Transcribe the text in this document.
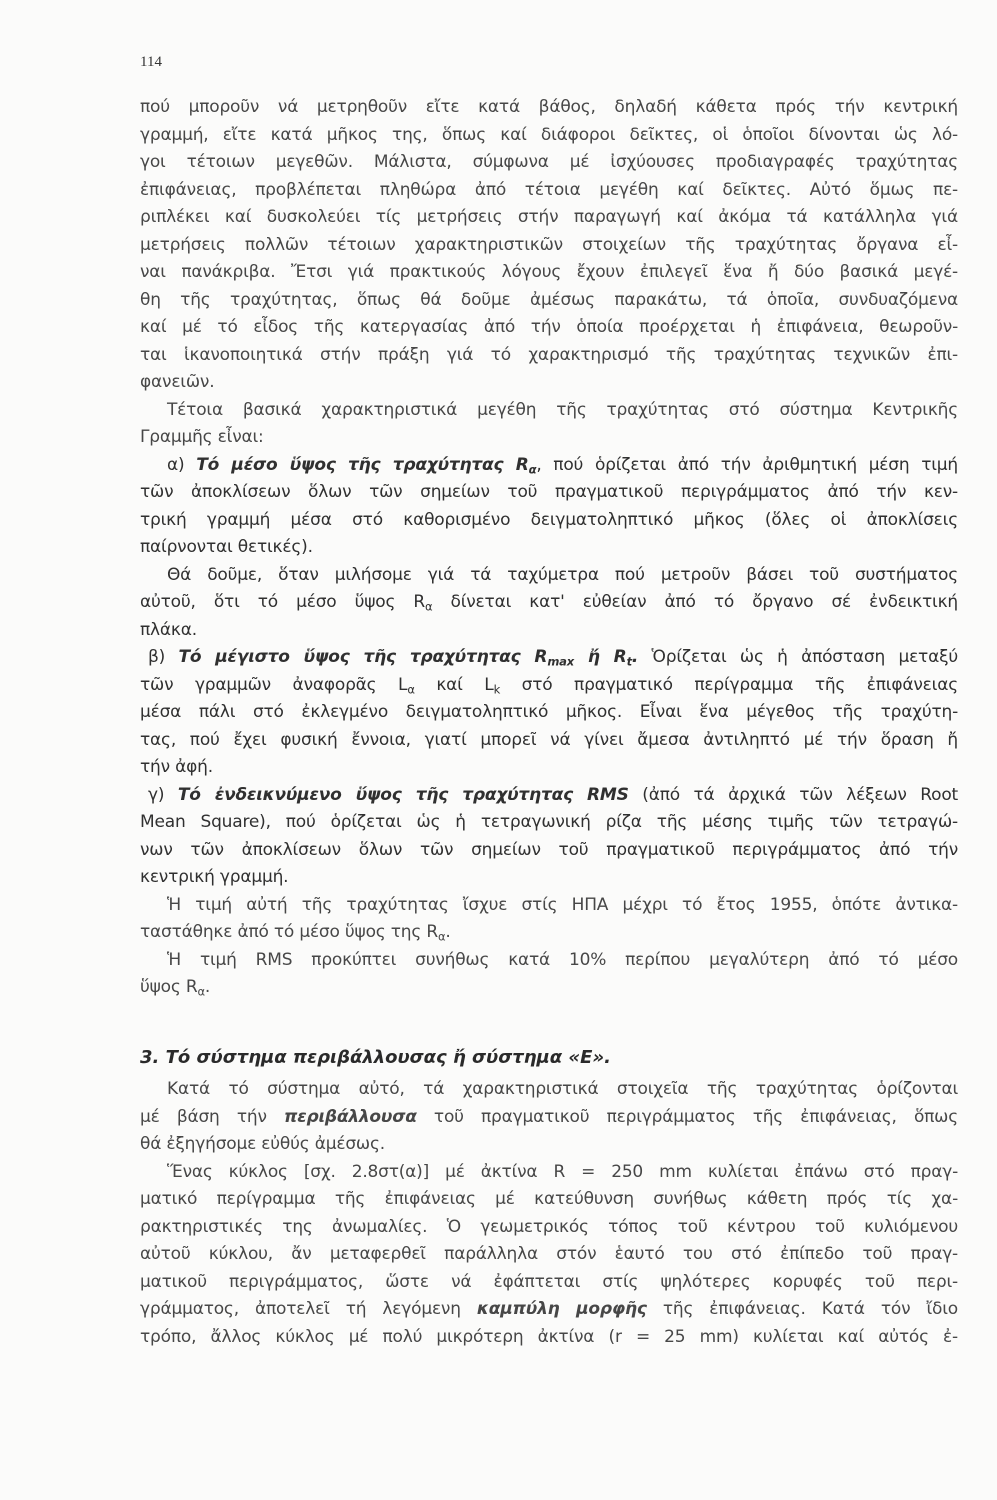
114
πού μποροῦν νά μετρηθοῦν εἴτε κατά βάθος, δηλαδή κάθετα πρός τήν κεντρική
γραμμή, εἴτε κατά μῆκος της, ὅπως καί διάφοροι δεῖκτες, οἱ ὁποῖοι δίνονται ὡς λό-
γοι τέτοιων μεγεθῶν. Μάλιστα, σύμφωνα μέ ἰσχύουσες προδιαγραφές τραχύτητας
ἐπιφάνειας, προβλέπεται πληθώρα ἀπό τέτοια μεγέθη καί δεῖκτες. Αὐτό ὅμως πε-
ριπλέκει καί δυσκολεύει τίς μετρήσεις στήν παραγωγή καί ἀκόμα τά κατάλληλα γιά
μετρήσεις πολλῶν τέτοιων χαρακτηριστικῶν στοιχείων τῆς τραχύτητας ὄργανα εἶ-
ναι πανάκριβα. Ἔτσι γιά πρακτικούς λόγους ἔχουν ἐπιλεγεῖ ἕνα ἤ δύο βασικά μεγέ-
θη τῆς τραχύτητας, ὅπως θά δοῦμε ἀμέσως παρακάτω, τά ὁποῖα, συνδυαζόμενα
καί μέ τό εἶδος τῆς κατεργασίας ἀπό τήν ὁποία προέρχεται ἡ ἐπιφάνεια, θεωροῦν-
ται ἱκανοποιητικά στήν πράξη γιά τό χαρακτηρισμό τῆς τραχύτητας τεχνικῶν ἐπι-
φανειῶν.
Τέτοια βασικά χαρακτηριστικά μεγέθη τῆς τραχύτητας στό σύστημα Κεντρικῆς
Γραμμῆς εἶναι:
α) Τό μέσο ὕψος τῆς τραχύτητας $R_\alpha$, πού ὁρίζεται ἀπό τήν ἀριθμητική μέση τιμή
τῶν ἀποκλίσεων ὅλων τῶν σημείων τοῦ πραγματικοῦ περιγράμματος ἀπό τήν κεν-
τρική γραμμή μέσα στό καθορισμένο δειγματοληπτικό μῆκος (ὅλες οἱ ἀποκλίσεις
παίρνονται θετικές).
Θά δοῦμε, ὅταν μιλήσομε γιά τά ταχύμετρα πού μετροῦν βάσει τοῦ συστήματος
αὐτοῦ, ὅτι τό μέσο ὕψος $R_\alpha$ δίνεται κατ' εὐθείαν ἀπό τό ὄργανο σέ ἐνδεικτική
πλάκα.
β) Τό μέγιστο ὕψος τῆς τραχύτητας $R_{max}$ ἤ $R_t$. Ὁρίζεται ὡς ἡ ἀπόσταση μεταξύ
τῶν γραμμῶν ἀναφορᾶς $L_\alpha$ καί $L_k$ στό πραγματικό περίγραμμα τῆς ἐπιφάνειας
μέσα πάλι στό ἐκλεγμένο δειγματοληπτικό μῆκος. Εἶναι ἕνα μέγεθος τῆς τραχύτη-
τας, πού ἔχει φυσική ἔννοια, γιατί μπορεῖ νά γίνει ἄμεσα ἀντιληπτό μέ τήν ὅραση ἤ
τήν ἀφή.
γ) Τό ἐνδεικνύμενο ὕψος τῆς τραχύτητας RMS (ἀπό τά ἀρχικά τῶν λέξεων Root
Mean Square), πού ὁρίζεται ὡς ἡ τετραγωνική ρίζα τῆς μέσης τιμῆς τῶν τετραγώ-
νων τῶν ἀποκλίσεων ὅλων τῶν σημείων τοῦ πραγματικοῦ περιγράμματος ἀπό τήν
κεντρική γραμμή.
Ἡ τιμή αὐτή τῆς τραχύτητας ἴσχυε στίς ΗΠΑ μέχρι τό ἔτος 1955, ὁπότε ἀντικα-
ταστάθηκε ἀπό τό μέσο ὕψος της $R_\alpha$.
Ἡ τιμή RMS προκύπτει συνήθως κατά 10% περίπου μεγαλύτερη ἀπό τό μέσο
ὕψος $R_\alpha$.
3. Τό σύστημα περιβάλλουσας ἤ σύστημα «Ε».
Κατά τό σύστημα αὐτό, τά χαρακτηριστικά στοιχεῖα τῆς τραχύτητας ὁρίζονται
μέ βάση τήν περιβάλλουσα τοῦ πραγματικοῦ περιγράμματος τῆς ἐπιφάνειας, ὅπως
θά ἐξηγήσομε εὐθύς ἀμέσως.
Ἕνας κύκλος [σχ. 2.8στ(α)] μέ ἀκτίνα R = 250 mm κυλίεται ἐπάνω στό πραγ-
ματικό περίγραμμα τῆς ἐπιφάνειας μέ κατεύθυνση συνήθως κάθετη πρός τίς χα-
ρακτηριστικές της ἀνωμαλίες. Ὁ γεωμετρικός τόπος τοῦ κέντρου τοῦ κυλιόμενου
αὐτοῦ κύκλου, ἄν μεταφερθεῖ παράλληλα στόν ἑαυτό του στό ἐπίπεδο τοῦ πραγ-
ματικοῦ περιγράμματος, ὥστε νά ἐφάπτεται στίς ψηλότερες κορυφές τοῦ περι-
γράμματος, ἀποτελεῖ τή λεγόμενη καμπύλη μορφῆς τῆς ἐπιφάνειας. Κατά τόν ἴδιο
τρόπο, ἄλλος κύκλος μέ πολύ μικρότερη ἀκτίνα (r = 25 mm) κυλίεται καί αὐτός ἐ-
